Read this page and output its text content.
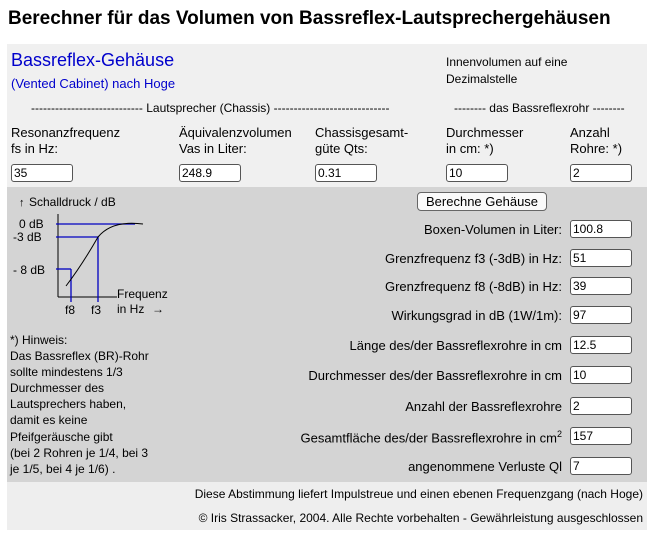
Berechner für das Volumen von Bassreflex-Lautsprechergehäusen
Bassreflex-Gehäuse
(Vented Cabinet) nach Hoge
Innenvolumen auf eine
Dezimalstelle
---------------------------- Lautsprecher (Chassis) -----------------------------	-------- das Bassreflexrohr --------
Resonanzfrequenz
fs in Hz:
35
Äquivalenzvolumen
Vas in Liter:
248.9
Chassisgesamt-
güte Qts:
0.31
Durchmesser
in cm: *)
10
Anzahl
Rohre: *)
2
↑ Schalldruck / dB
0 dB
-3 dB
- 8 dB
f8 f3
Frequenz
in Hz →
*) Hinweis:
Das Bassreflex (BR)-Rohr
sollte mindestens 1/3
Durchmesser des
Lautsprechers haben,
damit es keine
Pfeifgeräusche gibt
(bei 2 Rohren je 1/4, bei 3
je 1/5, bei 4 je 1/6) .
Berechne Gehäuse
Boxen-Volumen in Liter:
100.8
Grenzfrequenz f3 (-3dB) in Hz:
51
Grenzfrequenz f8 (-8dB) in Hz:
39
Wirkungsgrad in dB (1W/1m):
97
Länge des/der Bassreflexrohre in cm
12.5
Durchmesser des/der Bassreflexrohre in cm
10
Anzahl der Bassreflexrohre
2
Gesamtfläche des/der Bassreflexrohre in $cm^2$
157
angenommene Verluste Ql
7
Diese Abstimmung liefert Impulstreue und einen ebenen Frequenzgang (nach Hoge)
© Iris Strassacker, 2004. Alle Rechte vorbehalten - Gewährleistung ausgeschlossen
